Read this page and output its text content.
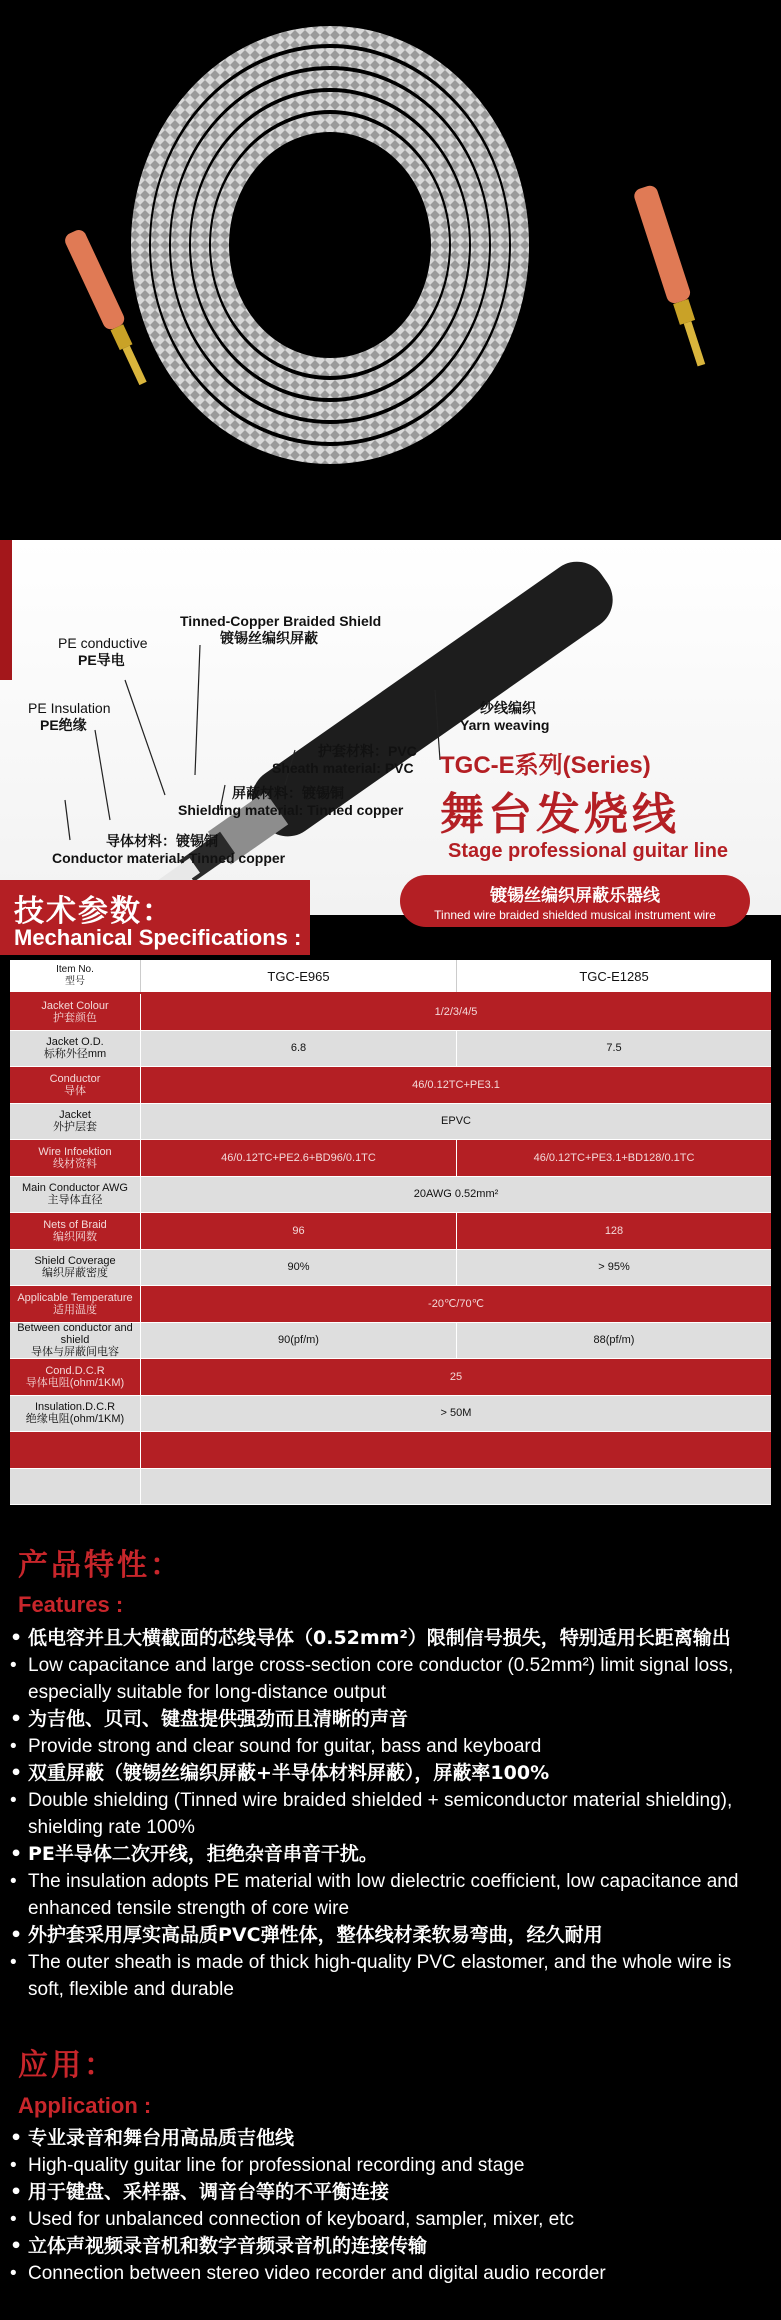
Tinned-Copper Braided Shield
镀锡丝编织屏蔽
PE conductive
PE导电
PE Insulation
PE绝缘
纱线编织
Yarn weaving
护套材料：PVC
Sheath material: PVC
屏蔽材料：镀锡铜
Shielding material: Tinned copper
导体材料：镀锡铜
Conductor material: Tinned copper
TGC-E系列(Series)
舞台发烧线
Stage professional guitar line
技术参数：
Mechanical Specifications :
镀锡丝编织屏蔽乐器线
Tinned wire braided shielded musical instrument wire
Item No.
型号	TGC-E965	TGC-E1285
Jacket Colour
护套颜色	1/2/3/4/5
Jacket O.D.
标称外径mm	6.8	7.5
Conductor
导体	46/0.12TC+PE3.1
Jacket
外护层套	EPVC
Wire Infoektion
线材资料	46/0.12TC+PE2.6+BD96/0.1TC	46/0.12TC+PE3.1+BD128/0.1TC
Main Conductor AWG
主导体直径	20AWG 0.52mm²
Nets of Braid
编织网数	96	128
Shield Coverage
编织屏蔽密度	90%	> 95%
Applicable Temperature
适用温度	-20℃/70℃
Between conductor and shield
导体与屏蔽间电容
90(pf/m)	88(pf/m)
Cond.D.C.R
导体电阻(ohm/1KM)	25
Insulation.D.C.R
绝缘电阻(ohm/1KM)	> 50M
产品特性：
Features :
• 低电容并且大横截面的芯线导体（0.52mm²）限制信号损失，特别适用长距离输出
• Low capacitance and large cross-section core conductor (0.52mm²) limit signal loss, especially suitable for long-distance output
• 为吉他、贝司、键盘提供强劲而且清晰的声音
• Provide strong and clear sound for guitar, bass and keyboard
• 双重屏蔽（镀锡丝编织屏蔽+半导体材料屏蔽），屏蔽率100%
• Double shielding (Tinned wire braided shielded + semiconductor material shielding), shielding rate 100%
• PE半导体二次开线，拒绝杂音串音干扰。
• The insulation adopts PE material with low dielectric coefficient, low capacitance and enhanced tensile strength of core wire
• 外护套采用厚实高品质PVC弹性体，整体线材柔软易弯曲，经久耐用
• The outer sheath is made of thick high-quality PVC elastomer, and the whole wire is soft, flexible and durable
应用：
Application :
• 专业录音和舞台用高品质吉他线
• High-quality guitar line for professional recording and stage
• 用于键盘、采样器、调音台等的不平衡连接
• Used for unbalanced connection of keyboard, sampler, mixer, etc
• 立体声视频录音机和数字音频录音机的连接传输
• Connection between stereo video recorder and digital audio recorder
